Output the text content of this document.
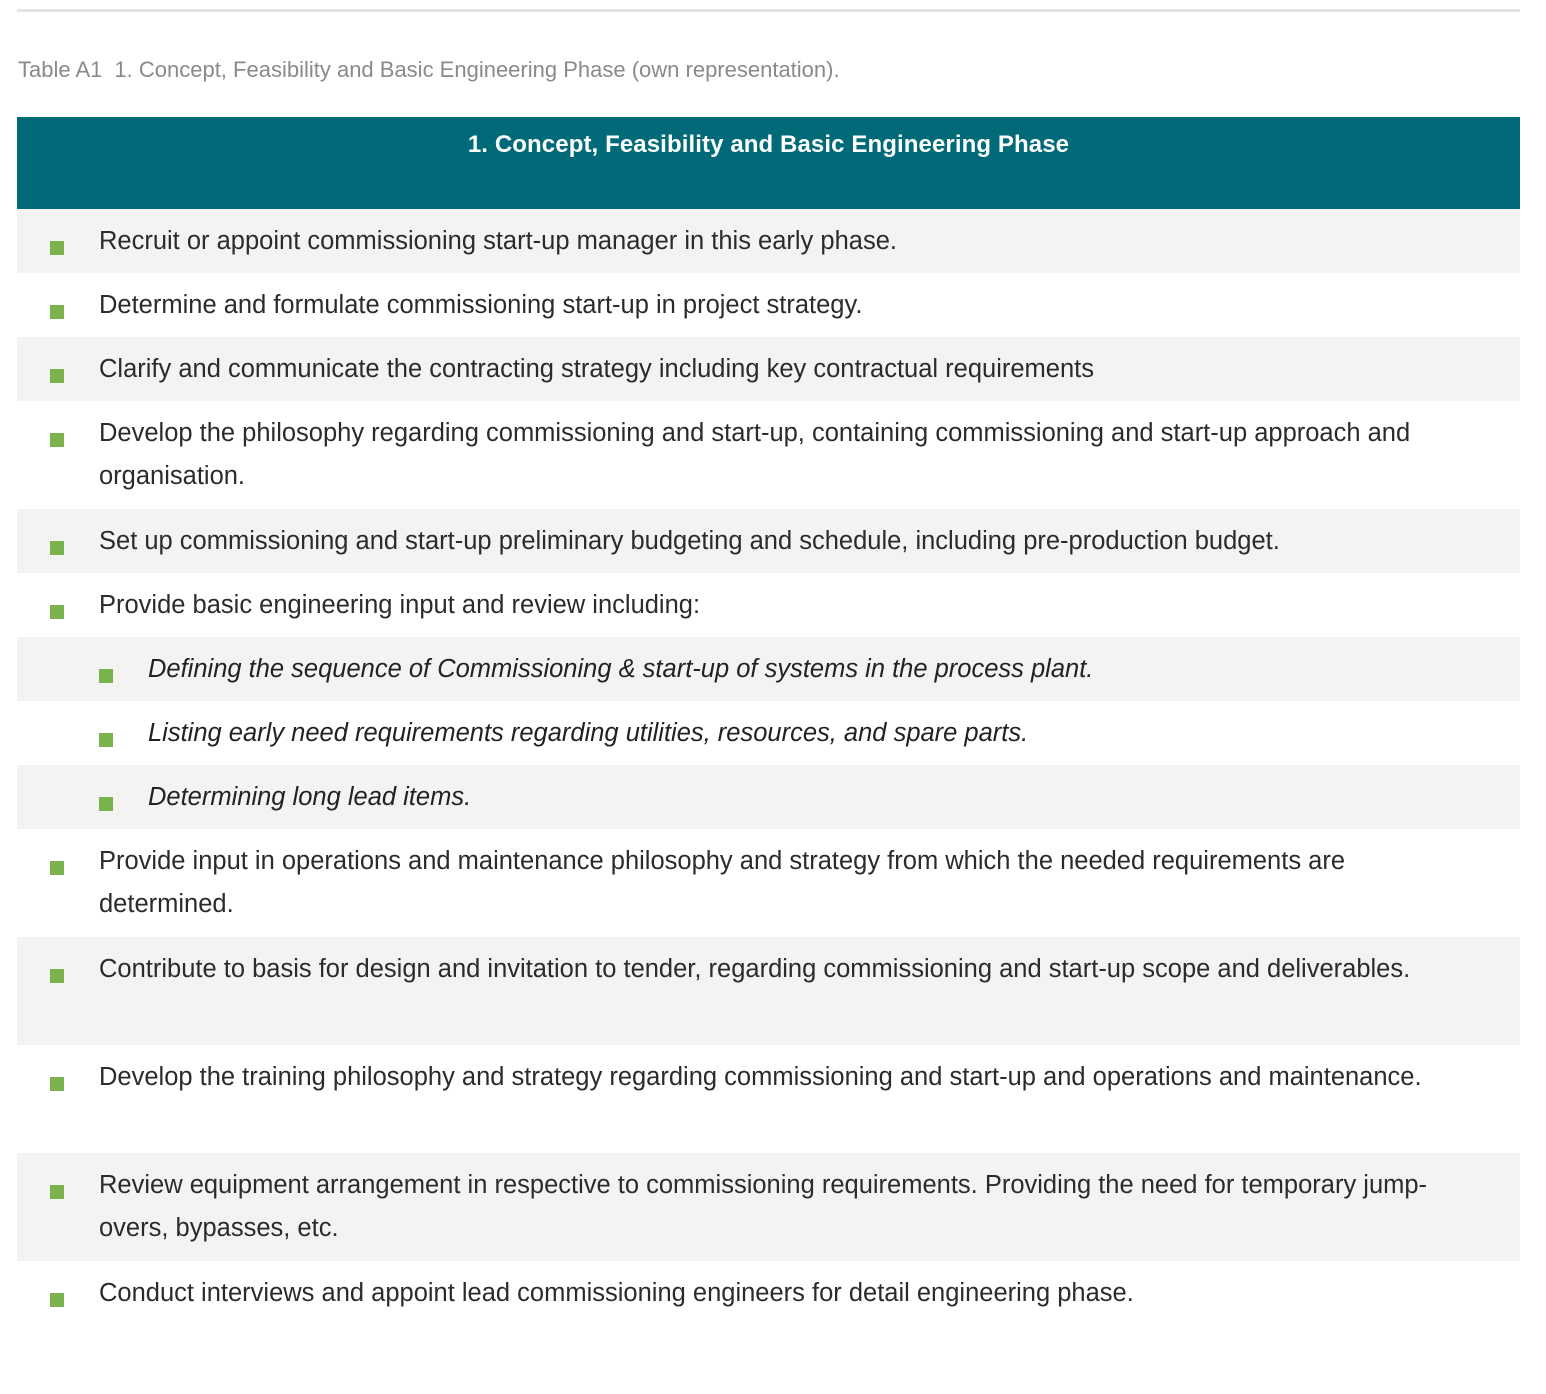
Table A1 1. Concept, Feasibility and Basic Engineering Phase (own representation).
1. Concept, Feasibility and Basic Engineering Phase
Recruit or appoint commissioning start-up manager in this early phase.
Determine and formulate commissioning start-up in project strategy.
Clarify and communicate the contracting strategy including key contractual requirements
Develop the philosophy regarding commissioning and start-up, containing commissioning and start-up approach and organisation.
Set up commissioning and start-up preliminary budgeting and schedule, including pre-production budget.
Provide basic engineering input and review including:
Defining the sequence of Commissioning & start-up of systems in the process plant.
Listing early need requirements regarding utilities, resources, and spare parts.
Determining long lead items.
Provide input in operations and maintenance philosophy and strategy from which the needed requirements are determined.
Contribute to basis for design and invitation to tender, regarding commissioning and start-up scope and deliverables.
Develop the training philosophy and strategy regarding commissioning and start-up and operations and maintenance.
Review equipment arrangement in respective to commissioning requirements. Providing the need for temporary jump-overs, bypasses, etc.
Conduct interviews and appoint lead commissioning engineers for detail engineering phase.
